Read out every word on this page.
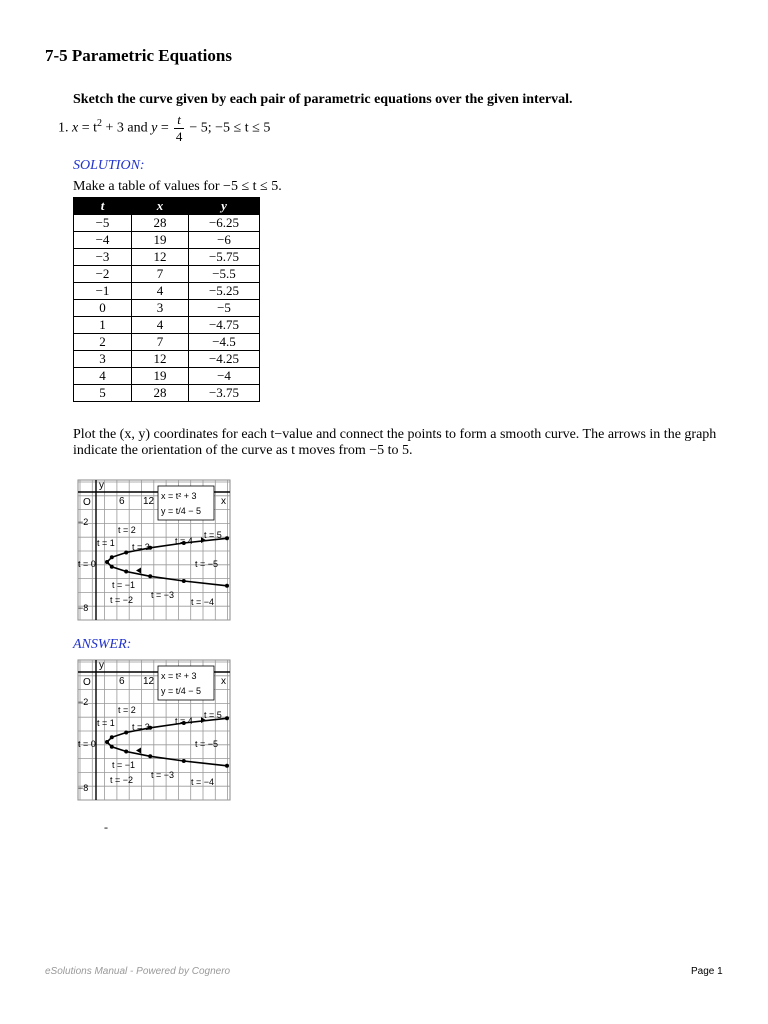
7-5 Parametric Equations
Sketch the curve given by each pair of parametric equations over the given interval.
1. $x = t^2 + 3$ and $y = \frac{t}{4} - 5$; −5 ≤ t ≤ 5
SOLUTION:
Make a table of values for −5 ≤ t ≤ 5.
t	x	y
−5	28	−6.25
−4	19	−6
−3	12	−5.75
−2	7	−5.5
−1	4	−5.25
0	3	−5
1	4	−4.75
2	7	−4.5
3	12	−4.25
4	19	−4
5	28	−3.75
Plot the (x, y) coordinates for each t−value and connect the points to form a smooth curve. The arrows in the graph indicate the orientation of the curve as t moves from −5 to 5.
y
x
O	6 12
−2
−8
x = t² + 3
y = t/4 − 5
t = 5
t = 4
t = 3
t = 2
t = 1
t = 0
t = −1
t = −2 t = −3
t = −4
t = −5
ANSWER:
y
x
O	6 12
−2
−8
x = t² + 3
y = t/4 − 5
t = 5
t = 4
t = 3
t = 2
t = 1
t = 0
t = −1
t = −2 t = −3
t = −4
t = −5
-
eSolutions Manual - Powered by Cognero	Page 1
